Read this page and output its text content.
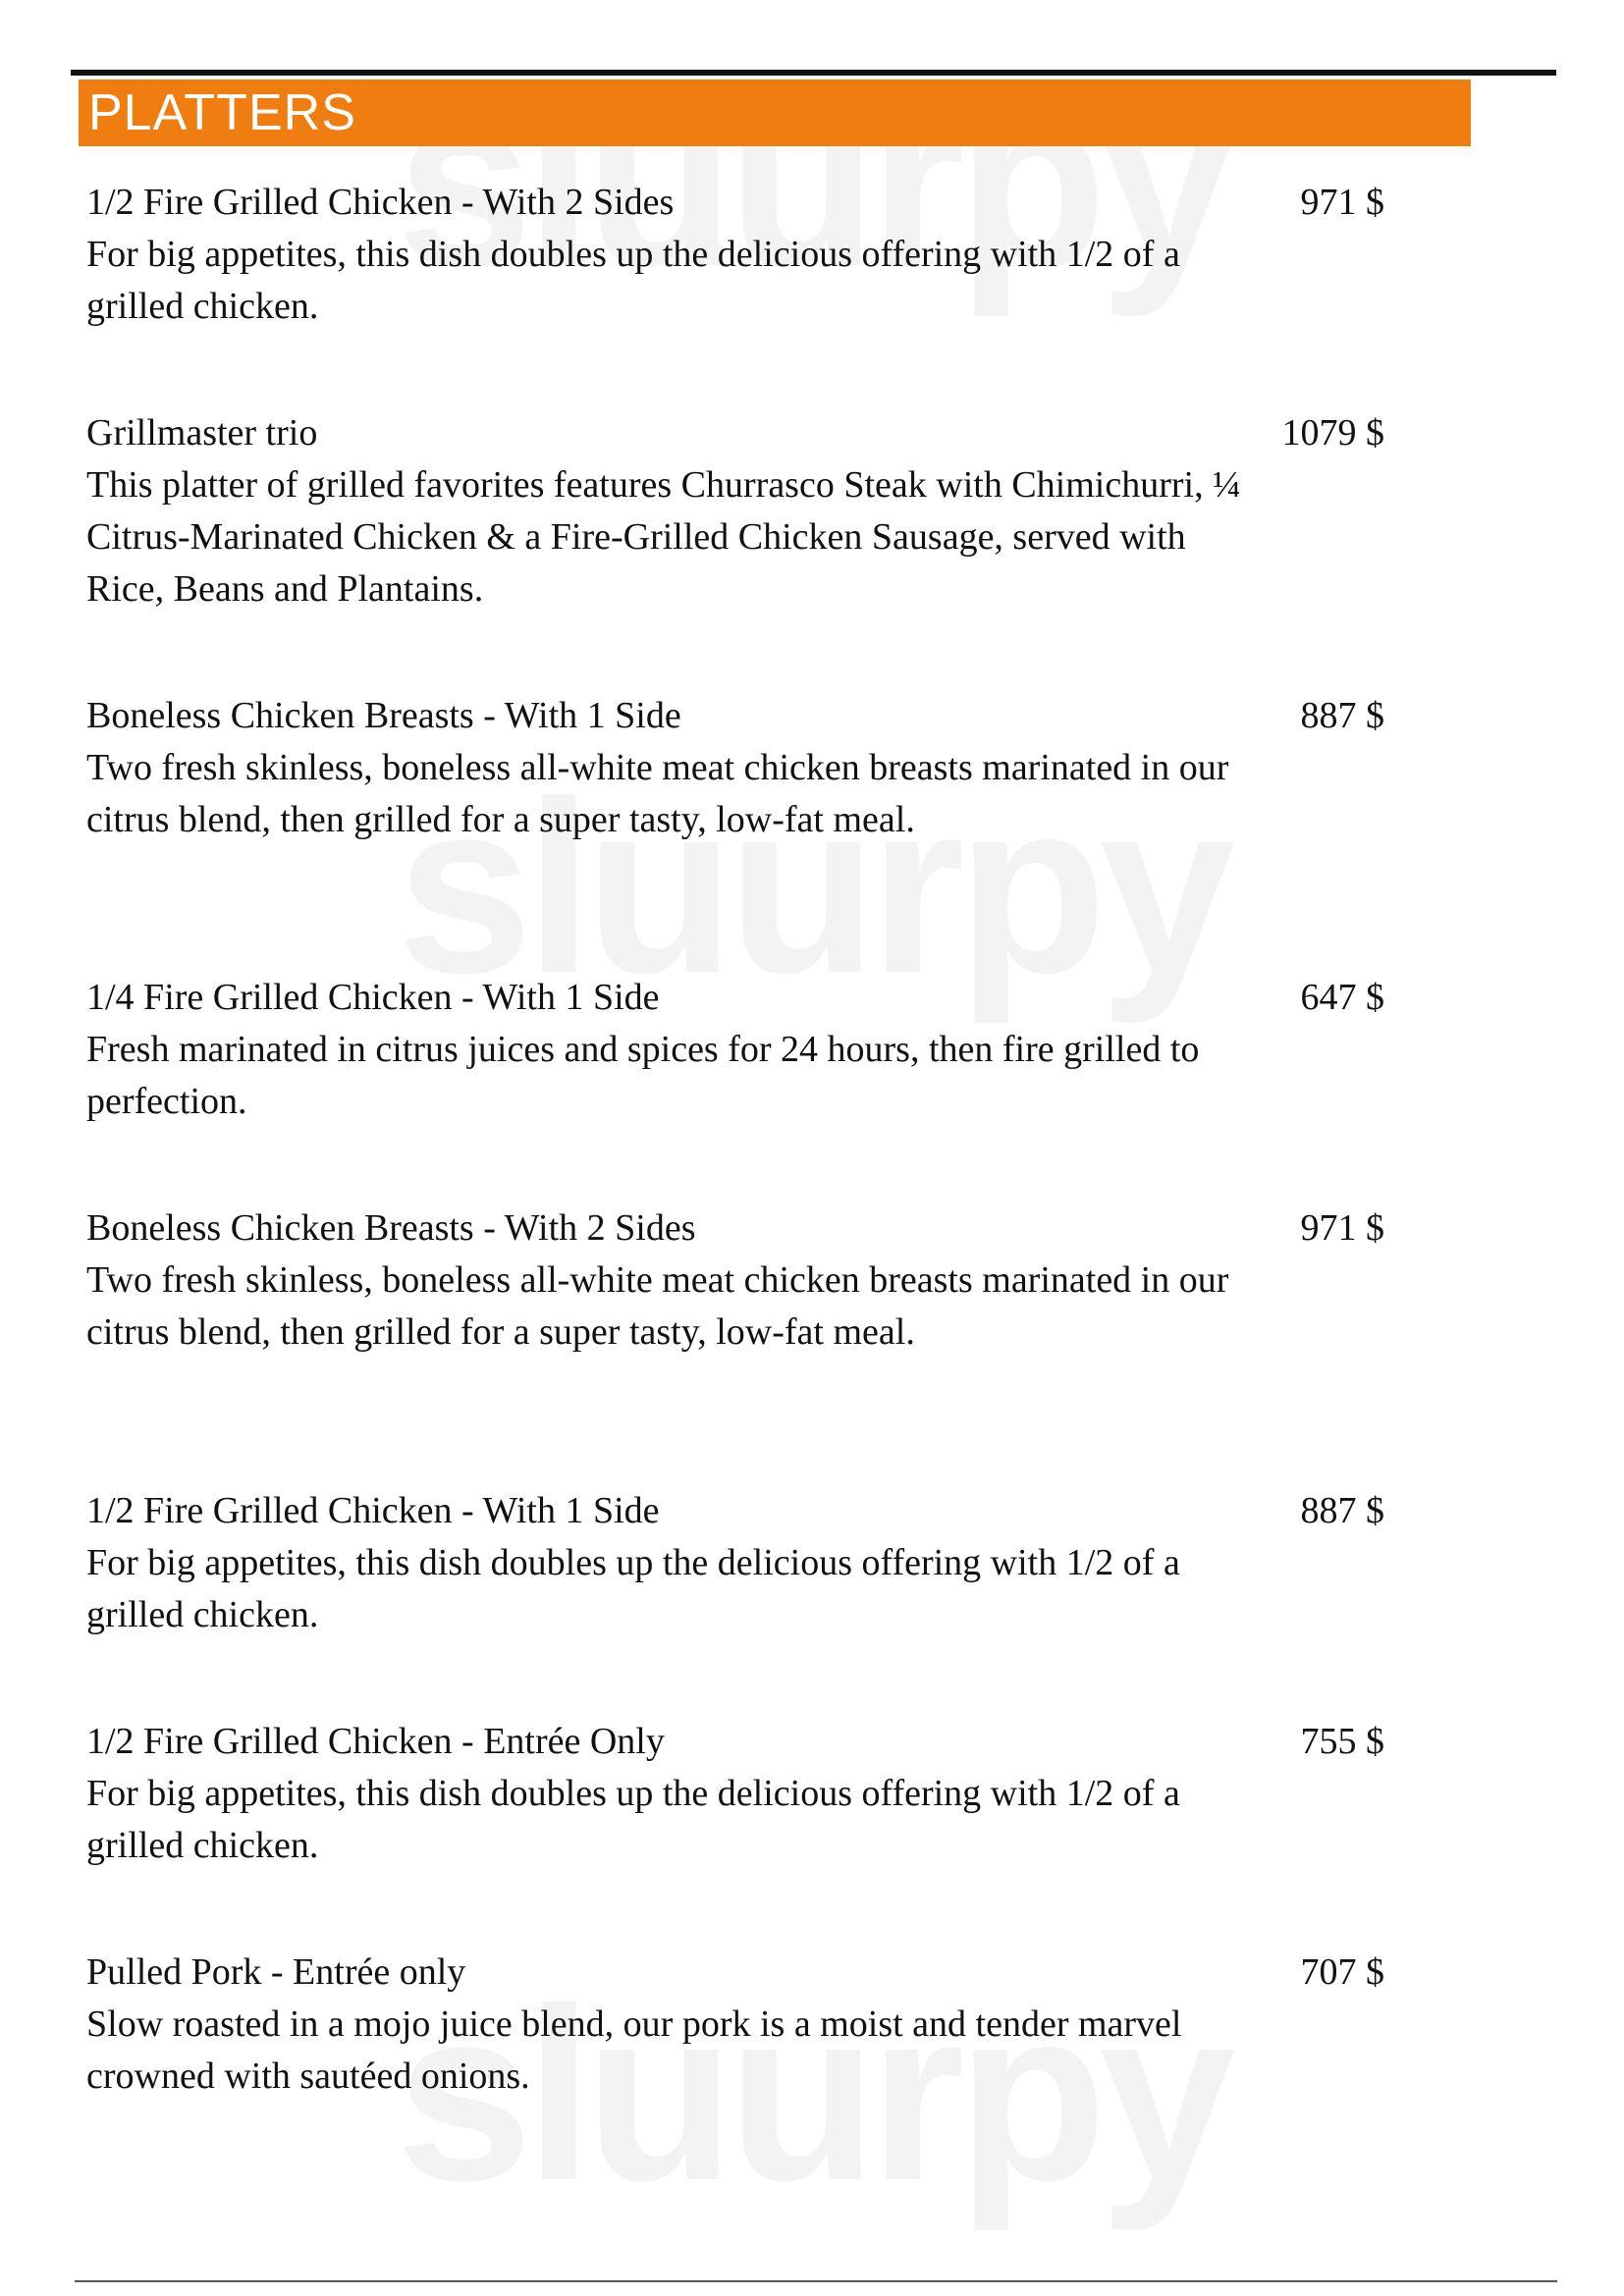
PLATTERS
1/2 Fire Grilled Chicken - With 2 Sides	971 $
For big appetites, this dish doubles up the delicious offering with 1/2 of a grilled chicken.
Grillmaster trio	1079 $
This platter of grilled favorites features Churrasco Steak with Chimichurri, ¼ Citrus-Marinated Chicken & a Fire-Grilled Chicken Sausage, served with Rice, Beans and Plantains.
Boneless Chicken Breasts - With 1 Side	887 $
Two fresh skinless, boneless all-white meat chicken breasts marinated in our citrus blend, then grilled for a super tasty, low-fat meal.
1/4 Fire Grilled Chicken - With 1 Side	647 $
Fresh marinated in citrus juices and spices for 24 hours, then fire grilled to perfection.
Boneless Chicken Breasts - With 2 Sides	971 $
Two fresh skinless, boneless all-white meat chicken breasts marinated in our citrus blend, then grilled for a super tasty, low-fat meal.
1/2 Fire Grilled Chicken - With 1 Side	887 $
For big appetites, this dish doubles up the delicious offering with 1/2 of a grilled chicken.
1/2 Fire Grilled Chicken - Entrée Only	755 $
For big appetites, this dish doubles up the delicious offering with 1/2 of a grilled chicken.
Pulled Pork - Entrée only	707 $
Slow roasted in a mojo juice blend, our pork is a moist and tender marvel crowned with sautéed onions.
